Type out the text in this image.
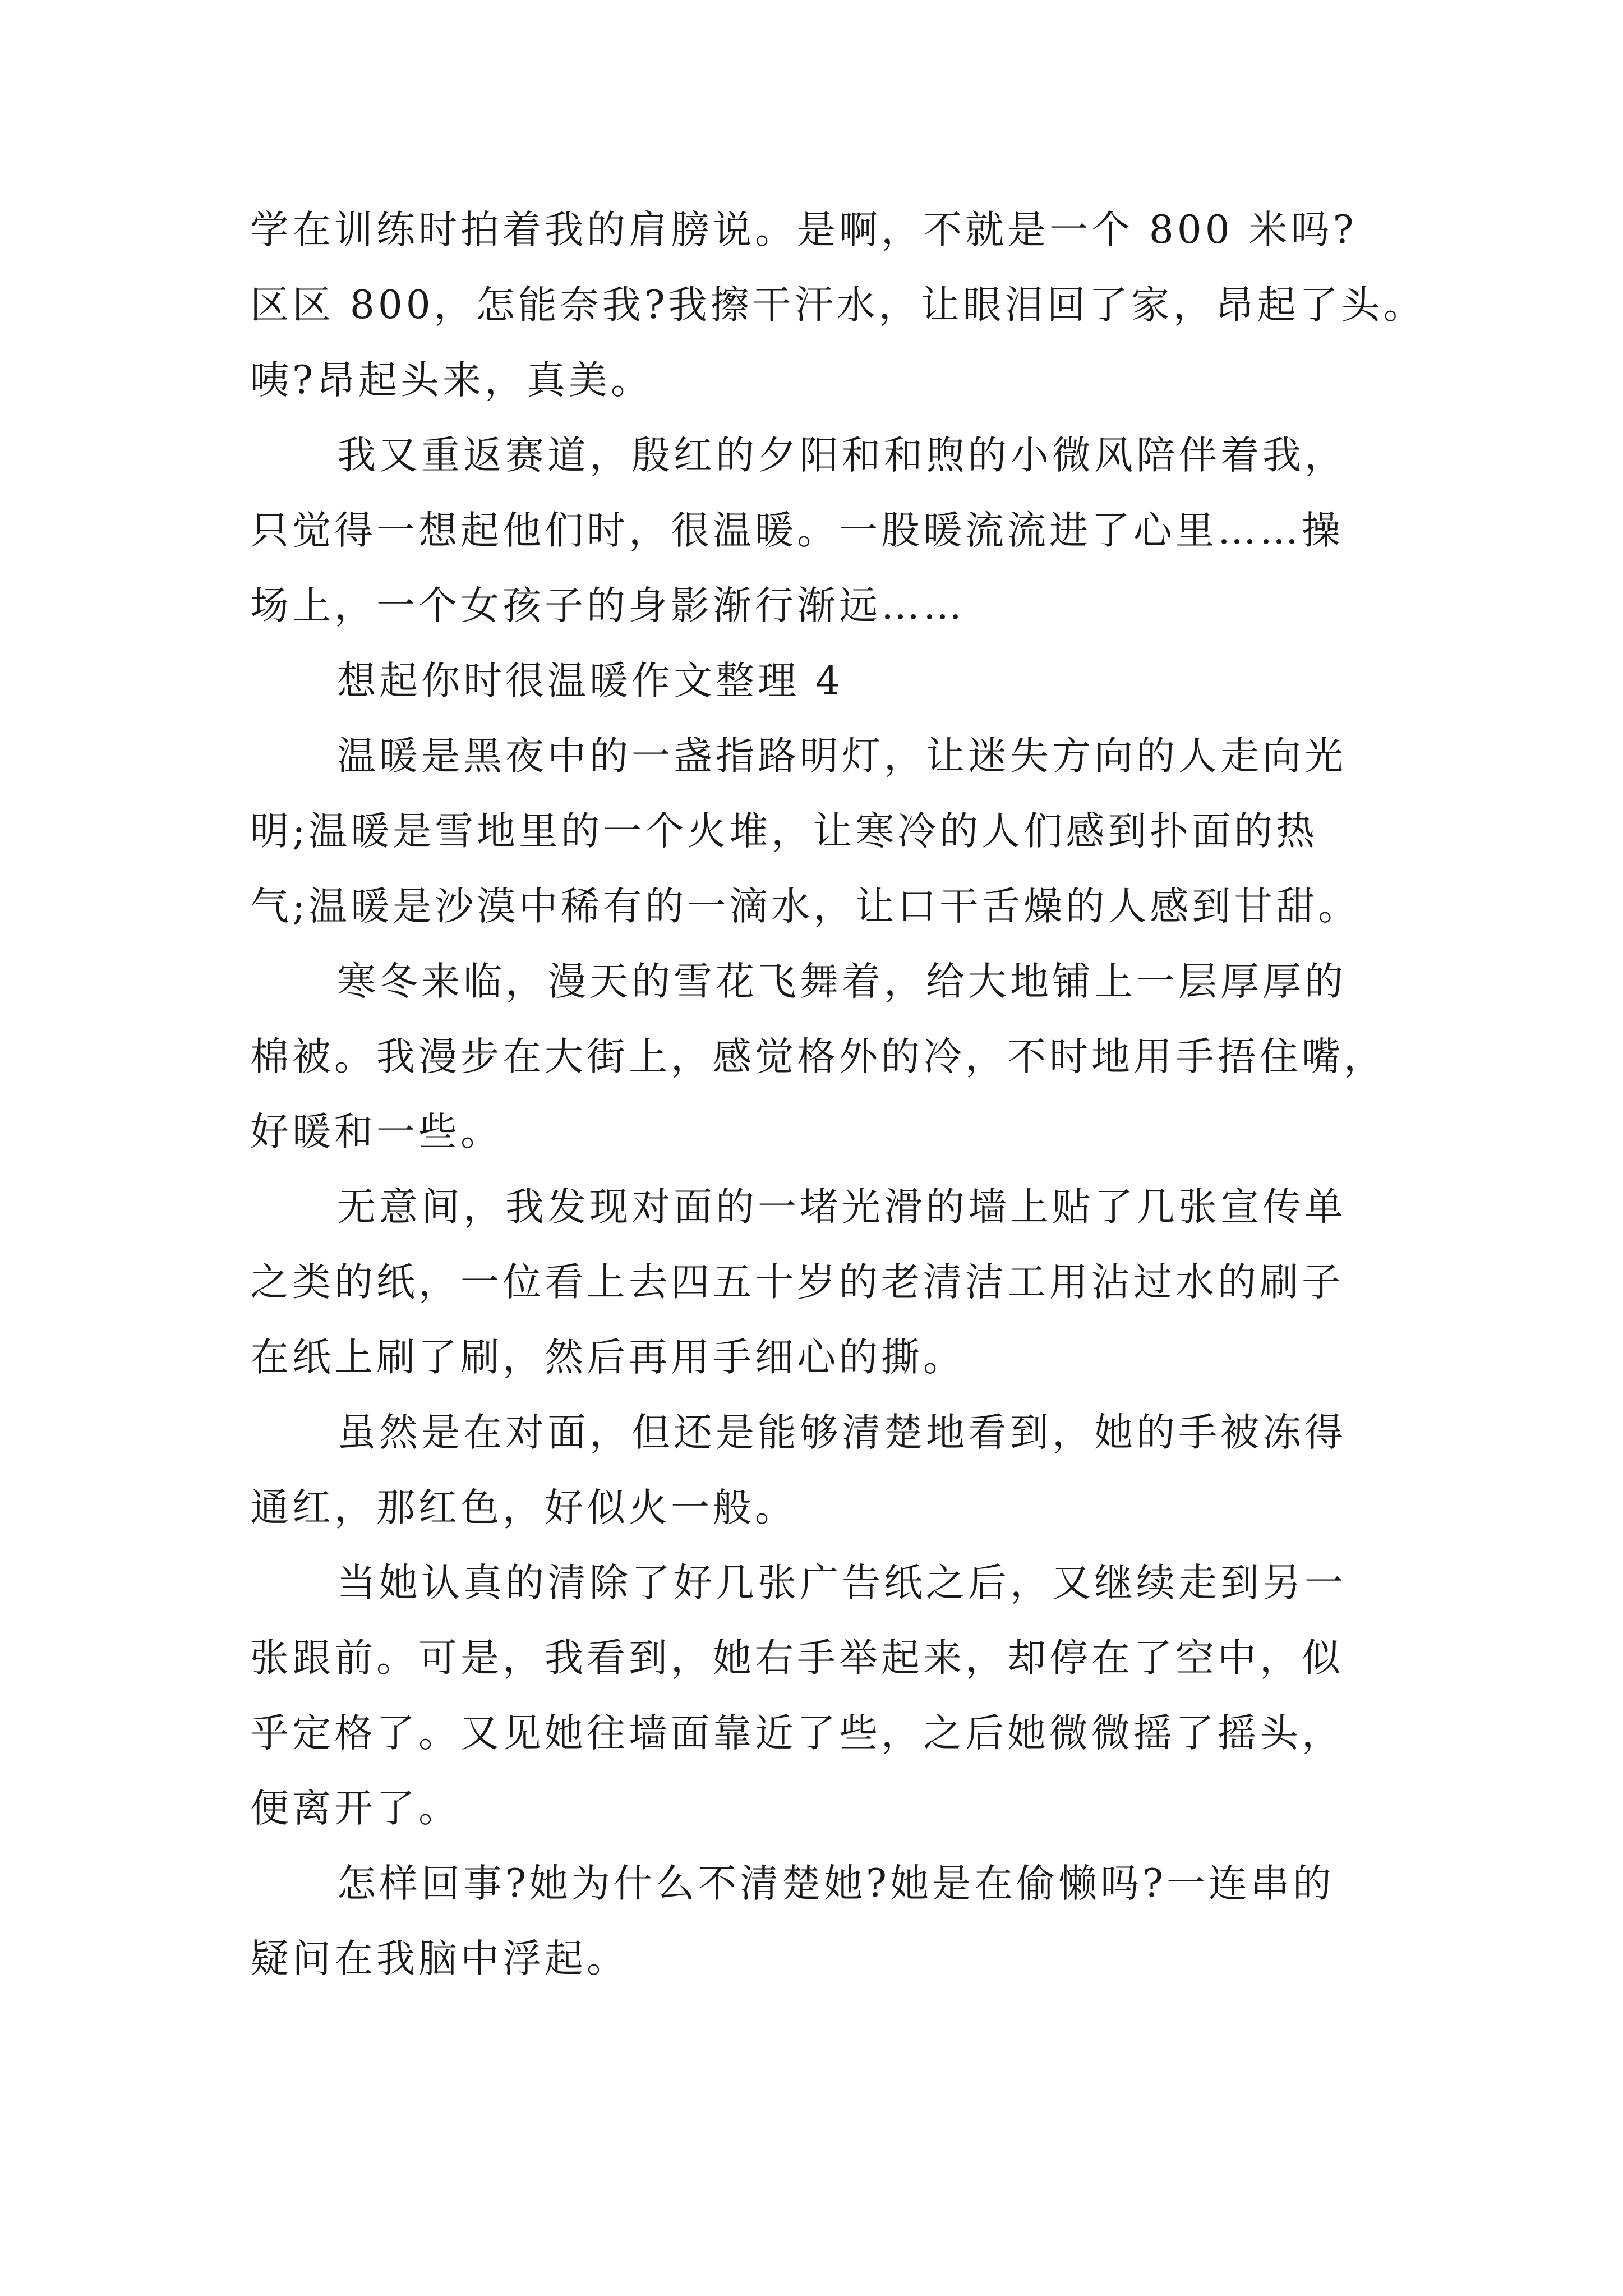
学在训练时拍着我的肩膀说。是啊，不就是一个 800 米吗?
区区 800，怎能奈我?我擦干汗水，让眼泪回了家，昂起了头。
咦?昂起头来，真美。
我又重返赛道，殷红的夕阳和和煦的小微风陪伴着我，
只觉得一想起他们时，很温暖。一股暖流流进了心里……操
场上，一个女孩子的身影渐行渐远……
想起你时很温暖作文整理 4
温暖是黑夜中的一盏指路明灯，让迷失方向的人走向光
明;温暖是雪地里的一个火堆，让寒冷的人们感到扑面的热
气;温暖是沙漠中稀有的一滴水，让口干舌燥的人感到甘甜。
寒冬来临，漫天的雪花飞舞着，给大地铺上一层厚厚的
棉被。我漫步在大街上，感觉格外的冷，不时地用手捂住嘴，
好暖和一些。
无意间，我发现对面的一堵光滑的墙上贴了几张宣传单
之类的纸，一位看上去四五十岁的老清洁工用沾过水的刷子
在纸上刷了刷，然后再用手细心的撕。
虽然是在对面，但还是能够清楚地看到，她的手被冻得
通红，那红色，好似火一般。
当她认真的清除了好几张广告纸之后，又继续走到另一
张跟前。可是，我看到，她右手举起来，却停在了空中，似
乎定格了。又见她往墙面靠近了些，之后她微微摇了摇头，
便离开了。
怎样回事?她为什么不清楚她?她是在偷懒吗?一连串的
疑问在我脑中浮起。
